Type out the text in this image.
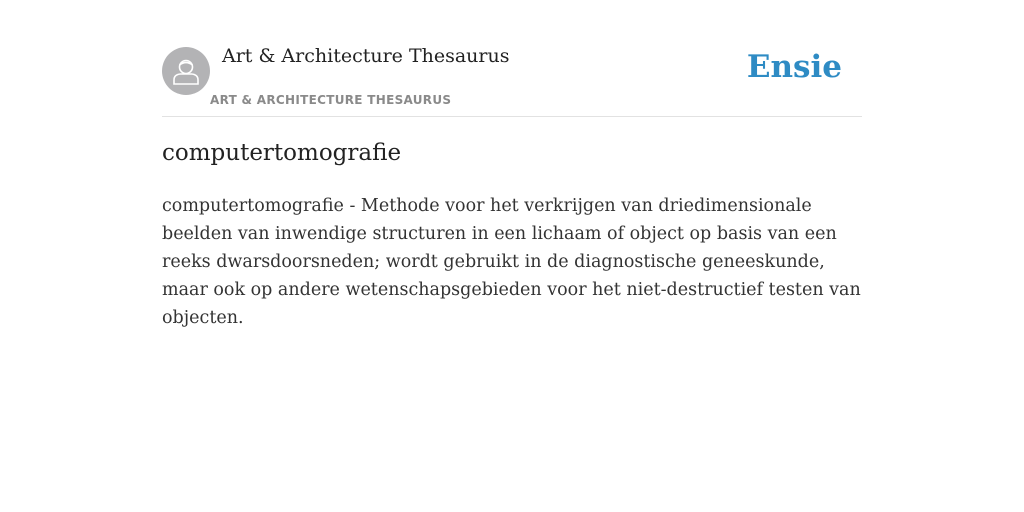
Art & Architecture Thesaurus
ART & ARCHITECTURE THESAURUS
Ensie
computertomografie

computertomografie - Methode voor het verkrijgen van driedimensionale beelden van inwendige structuren in een lichaam of object op basis van een reeks dwarsdoorsneden; wordt gebruikt in de diagnostische geneeskunde, maar ook op andere wetenschapsgebieden voor het niet-destructief testen van objecten.
